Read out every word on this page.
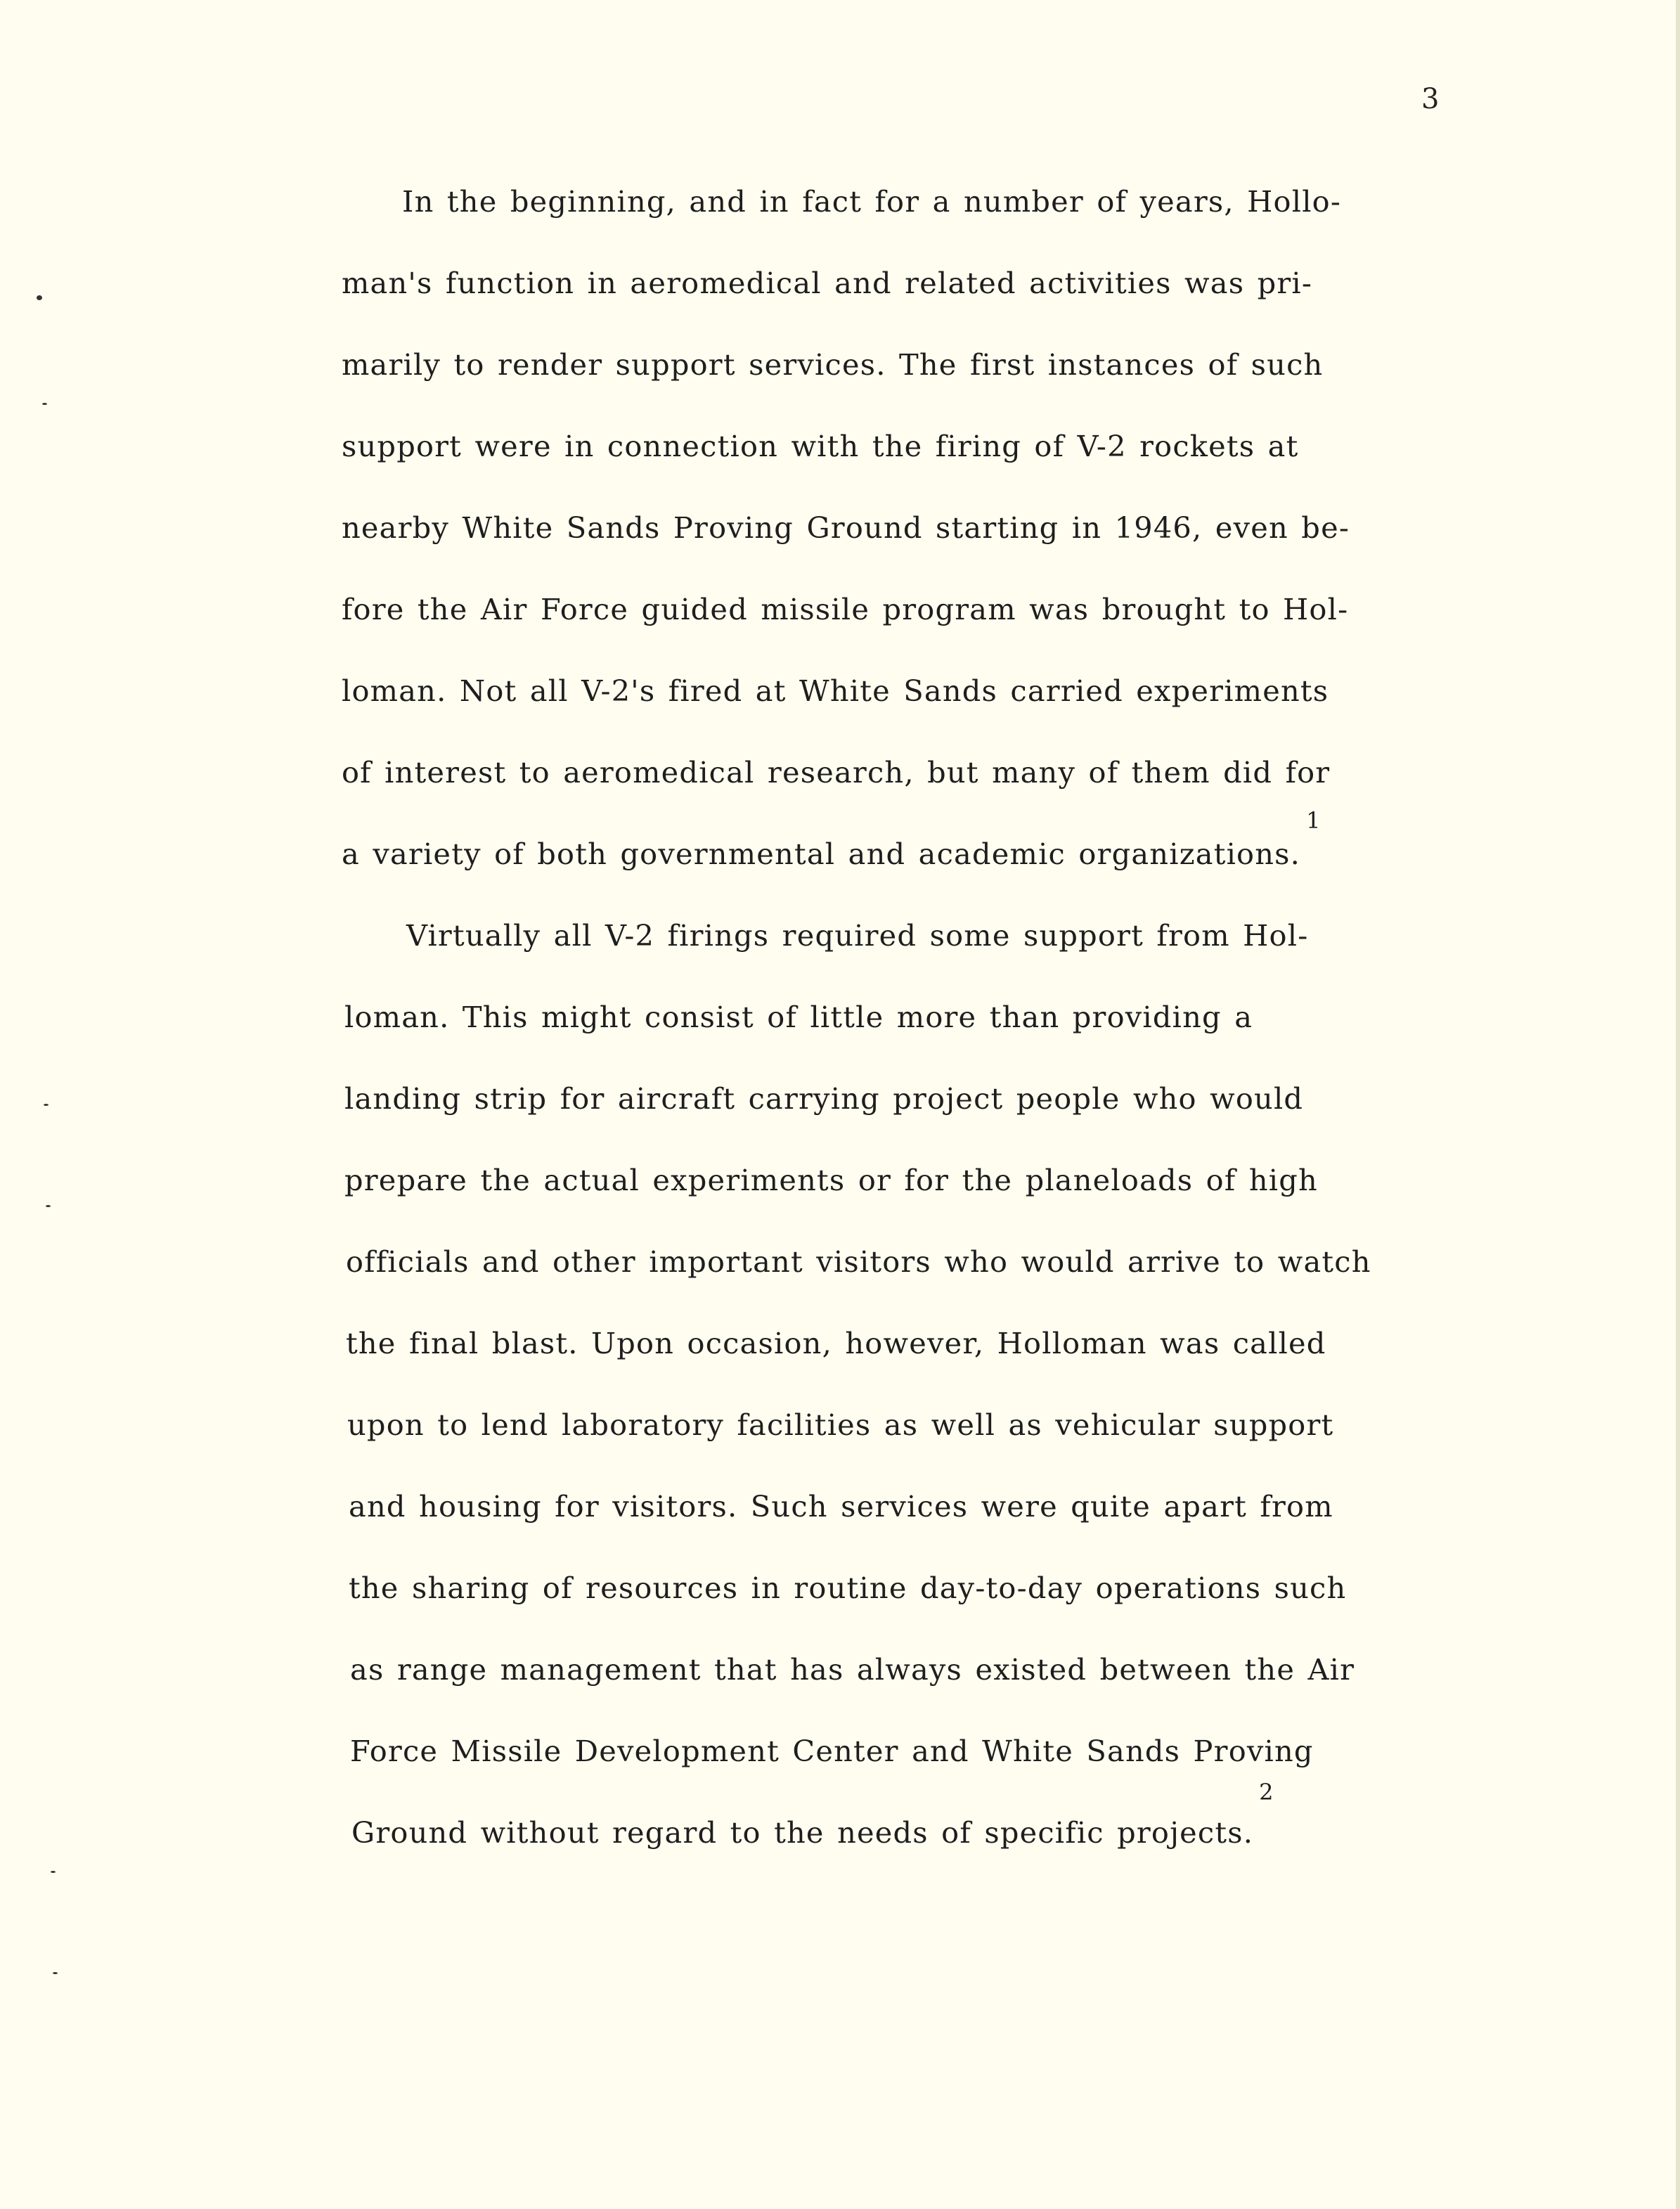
3
In the beginning, and in fact for a number of years, Hollo-
man's function in aeromedical and related activities was pri-
marily to render support services. The first instances of such
support were in connection with the firing of V-2 rockets at
nearby White Sands Proving Ground starting in 1946, even be-
fore the Air Force guided missile program was brought to Hol-
loman. Not all V-2's fired at White Sands carried experiments
of interest to aeromedical research, but many of them did for
a variety of both governmental and academic organizations.
1
Virtually all V-2 firings required some support from Hol-
loman. This might consist of little more than providing a
landing strip for aircraft carrying project people who would
prepare the actual experiments or for the planeloads of high
officials and other important visitors who would arrive to watch
the final blast. Upon occasion, however, Holloman was called
upon to lend laboratory facilities as well as vehicular support
and housing for visitors. Such services were quite apart from
the sharing of resources in routine day-to-day operations such
as range management that has always existed between the Air
Force Missile Development Center and White Sands Proving
Ground without regard to the needs of specific projects.
2
